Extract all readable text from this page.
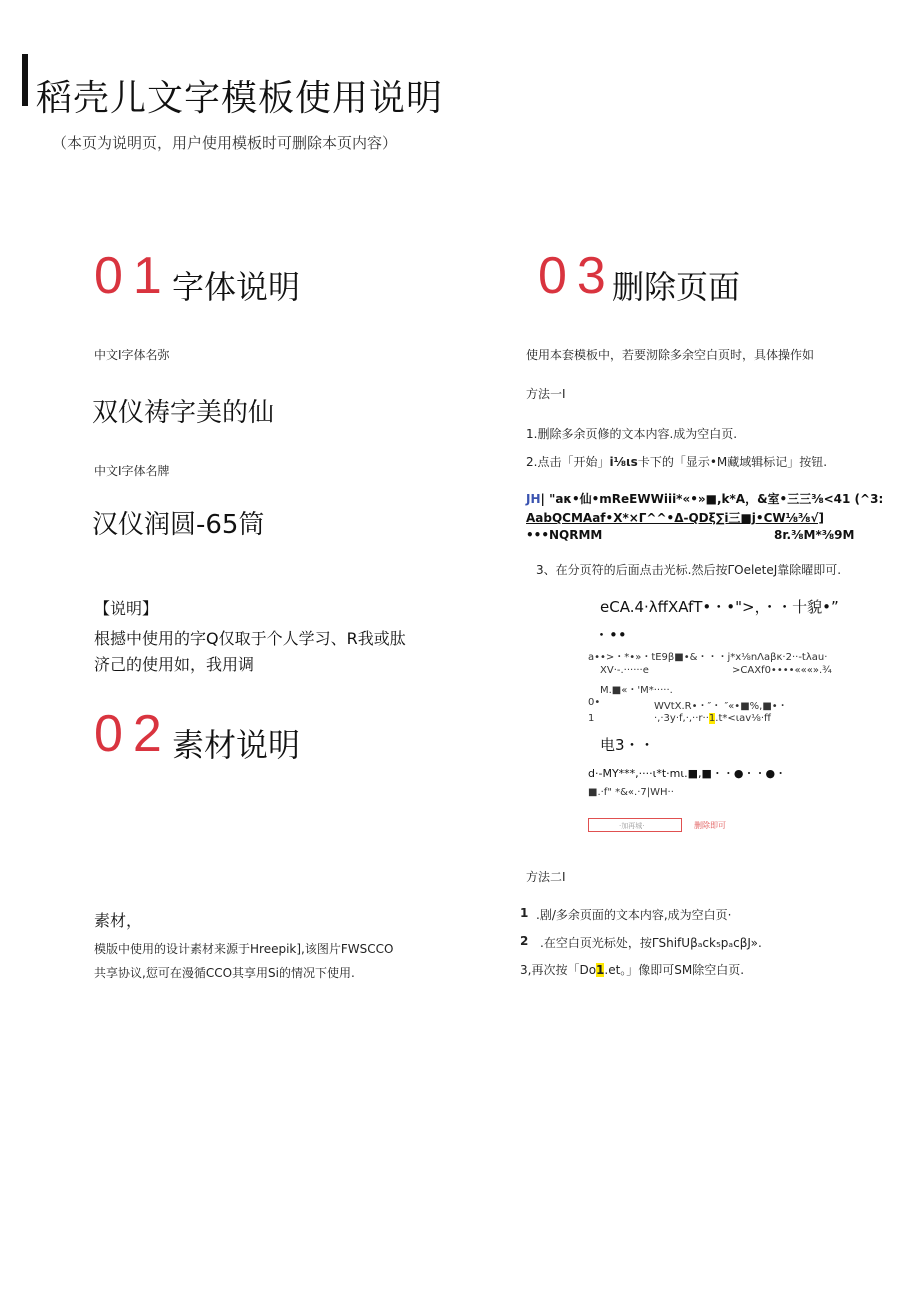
稻壳儿文字模板使用说明
（本页为说明页，用户使用模板时可删除本页内容）
01 字体说明
中文I字体名弥
双仪祷字美的仙
中文I字体名牌
汉仪润圆-65筒
【说明】
根撼中使用的字Q仅取于个人学习、R我或肽
济己的使用如，我用调
02 素材说明
素材，
模版中使用的设计素材来源于Hreepik],该图片FWSCCO
共享协议,愆可在漫循CCO其享用Si的情况下使用.
03
删除页面
使用本套模板中，若要沏除多余空白页时，具体操作如
方法一I
1.删除多余页修的文本内容.成为空白页.
2.点击「开始」i⅛ιs卡下的「显示•M藏域辑标记」按钮.
JH| "aκ•仙•mReEWWiii*«•»■,k*A，&室•三三⅜<41 (^3:
AabQCMAaf•X*×Γ^^•Δ-QDξ∑i三■j•CW⅛⅜√]
•••NQRMM	8r.⅜M*⅜9M
3、在分页符的后面点击光标.然后按ΓOeleteJ靠除曜即可.
eCA.4·λffXAfT•・•">，・・十貌•”
・••
a••>・*•»・tE9β■•&・・・j*x⅛nΛaβκ·2··-tλau·
XV·-.······e	>CAXf0••••«««».¾
M.■«・'M*·····.
0•	WVtX.R•・″・ ″«•■%,■•・
1	·,·3y·f,·,··r··1.t*<ιav⅛·ff
电3・・
d·-MY***,····ι*t·mι.■,■・・●・・●・
■.·f" *&«.·7|WH··
·加再城·	删除即可
方法二I
1 .剧/多余页面的文本内容,成为空白页·
2 .在空白页光标处，按ΓShifUβₐck₅pₐcβJ».
3,再次按「Do1.et。」像即可SM除空白页.
